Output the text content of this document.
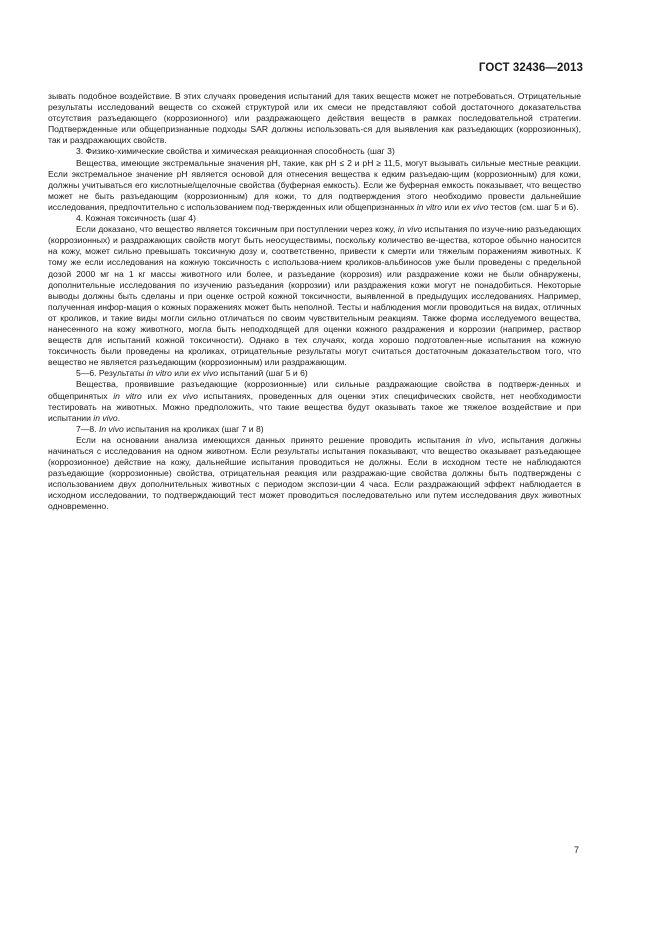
ГОСТ 32436—2013

зывать подобное воздействие. В этих случаях проведения испытаний для таких веществ может не потребоваться. Отрицательные результаты исследований веществ со схожей структурой или их смеси не представляют собой достаточного доказательства отсутствия разъедающего (коррозионного) или раздражающего действия веществ в рамках последовательной стратегии. Подтвержденные или общепризнанные подходы SAR должны использовать-ся для выявления как разъедающих (коррозионных), так и раздражающих свойств.

3. Физико-химические свойства и химическая реакционная способность (шаг 3)

Вещества, имеющие экстремальные значения pH, такие, как pH ≤ 2 и pH ≥ 11,5, могут вызывать сильные местные реакции. Если экстремальное значение pH является основой для отнесения вещества к едким разъедаю-щим (коррозионным) для кожи, должны учитываться его кислотные/щелочные свойства (буферная емкость). Если же буферная емкость показывает, что вещество может не быть разъедающим (коррозионным) для кожи, то для подтверждения этого необходимо провести дальнейшие исследования, предпочтительно с использованием под-твержденных или общепризнанных in vitro или ex vivo тестов (см. шаг 5 и 6).

4. Кожная токсичность (шаг 4)

Если доказано, что вещество является токсичным при поступлении через кожу, in vivo испытания по изуче-нию разъедающих (коррозионных) и раздражающих свойств могут быть неосуществимы, поскольку количество ве-щества, которое обычно наносится на кожу, может сильно превышать токсичную дозу и, соответственно, привести к смерти или тяжелым поражениям животных. К тому же если исследования на кожную токсичность с использова-нием кроликов-альбиносов уже были проведены с предельной дозой 2000 мг на 1 кг массы животного или более, и разъедание (коррозия) или раздражение кожи не были обнаружены, дополнительные исследования по изучению разъедания (коррозии) или раздражения кожи могут не понадобиться. Некоторые выводы должны быть сделаны и при оценке острой кожной токсичности, выявленной в предыдущих исследованиях. Например, полученная инфор-мация о кожных поражениях может быть неполной. Тесты и наблюдения могли проводиться на видах, отличных от кроликов, и такие виды могли сильно отличаться по своим чувствительным реакциям. Также форма исследуемого вещества, нанесенного на кожу животного, могла быть неподходящей для оценки кожного раздражения и коррозии (например, раствор веществ для испытаний кожной токсичности). Однако в тех случаях, когда хорошо подготовлен-ные испытания на кожную токсичность были проведены на кроликах, отрицательные результаты могут считаться достаточным доказательством того, что вещество не является разъедающим (коррозионным) или раздражающим.

5—6. Результаты in vitro или ex vivo испытаний (шаг 5 и 6)

Вещества, проявившие разъедающие (коррозионные) или сильные раздражающие свойства в подтверж-денных и общепринятых in vitro или ex vivo испытаниях, проведенных для оценки этих специфических свойств, нет необходимости тестировать на животных. Можно предположить, что такие вещества будут оказывать такое же тяжелое воздействие и при испытании in vivo.

7—8. In vivo испытания на кроликах (шаг 7 и 8)

Если на основании анализа имеющихся данных принято решение проводить испытания in vivo, испытания должны начинаться с исследования на одном животном. Если результаты испытания показывают, что вещество оказывает разъедающее (коррозионное) действие на кожу, дальнейшие испытания проводиться не должны. Если в исходном тесте не наблюдаются разъедающие (коррозионные) свойства, отрицательная реакция или раздражаю-щие свойства должны быть подтверждены с использованием двух дополнительных животных с периодом экспози-ции 4 часа. Если раздражающий эффект наблюдается в исходном исследовании, то подтверждающий тест может проводиться последовательно или путем исследования двух животных одновременно.

7
